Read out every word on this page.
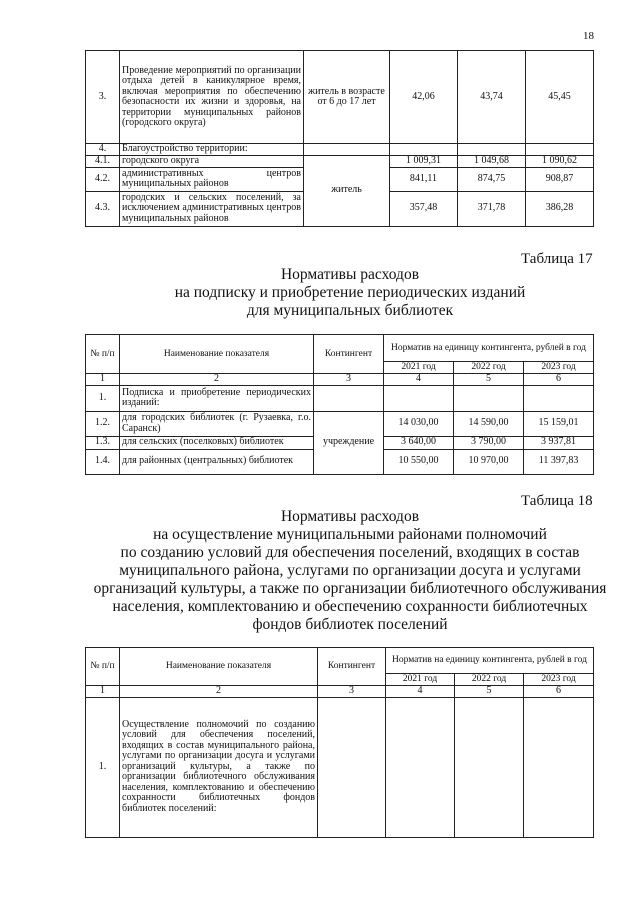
18
3.	Проведение мероприятий по организации отдыха детей в каникулярное время, включая мероприятия по обеспечению безопасности их жизни и здоровья, на территории муниципальных районов (городского округа)	житель в возрасте от 6 до 17 лет	42,06	43,74	45,45
4.	Благоустройство территории:				
4.1.	городского округа	житель	1 009,31	1 049,68	1 090,62
4.2.	административных центров муниципальных районов		841,11	874,75	908,87
4.3.	городских и сельских поселений, за исключением административных центров муниципальных районов		357,48	371,78	386,28
Таблица 17
Нормативы расходов
на подписку и приобретение периодических изданий
для муниципальных библиотек
№ п/п	Наименование показателя	Контингент	Норматив на единицу контингента, рублей в год		
			2021 год	2022 год	2023 год
1	2	3	4	5	6
1.	Подписка и приобретение периодических изданий:				
1.2.	для городских библиотек (г. Рузаевка, г.о. Саранск)	учреждение	14 030,00	14 590,00	15 159,01
1.3.	для сельских (поселковых) библиотек		3 640,00	3 790,00	3 937,81
1.4.	для районных (центральных) библиотек		10 550,00	10 970,00	11 397,83
Таблица 18
Нормативы расходов
на осуществление муниципальными районами полномочий
по созданию условий для обеспечения поселений, входящих в состав
муниципального района, услугами по организации досуга и услугами
организаций культуры, а также по организации библиотечного обслуживания
населения, комплектованию и обеспечению сохранности библиотечных
фондов библиотек поселений
№ п/п	Наименование показателя	Контингент	Норматив на единицу контингента, рублей в год		
			2021 год	2022 год	2023 год
1	2	3	4	5	6
1.	Осуществление полномочий по созданию условий для обеспечения поселений, входящих в состав муниципального района, услугами по организации досуга и услугами организаций культуры, а также по организации библиотечного обслуживания населения, комплектованию и обеспечению сохранности библиотечных фондов библиотек поселений:				
